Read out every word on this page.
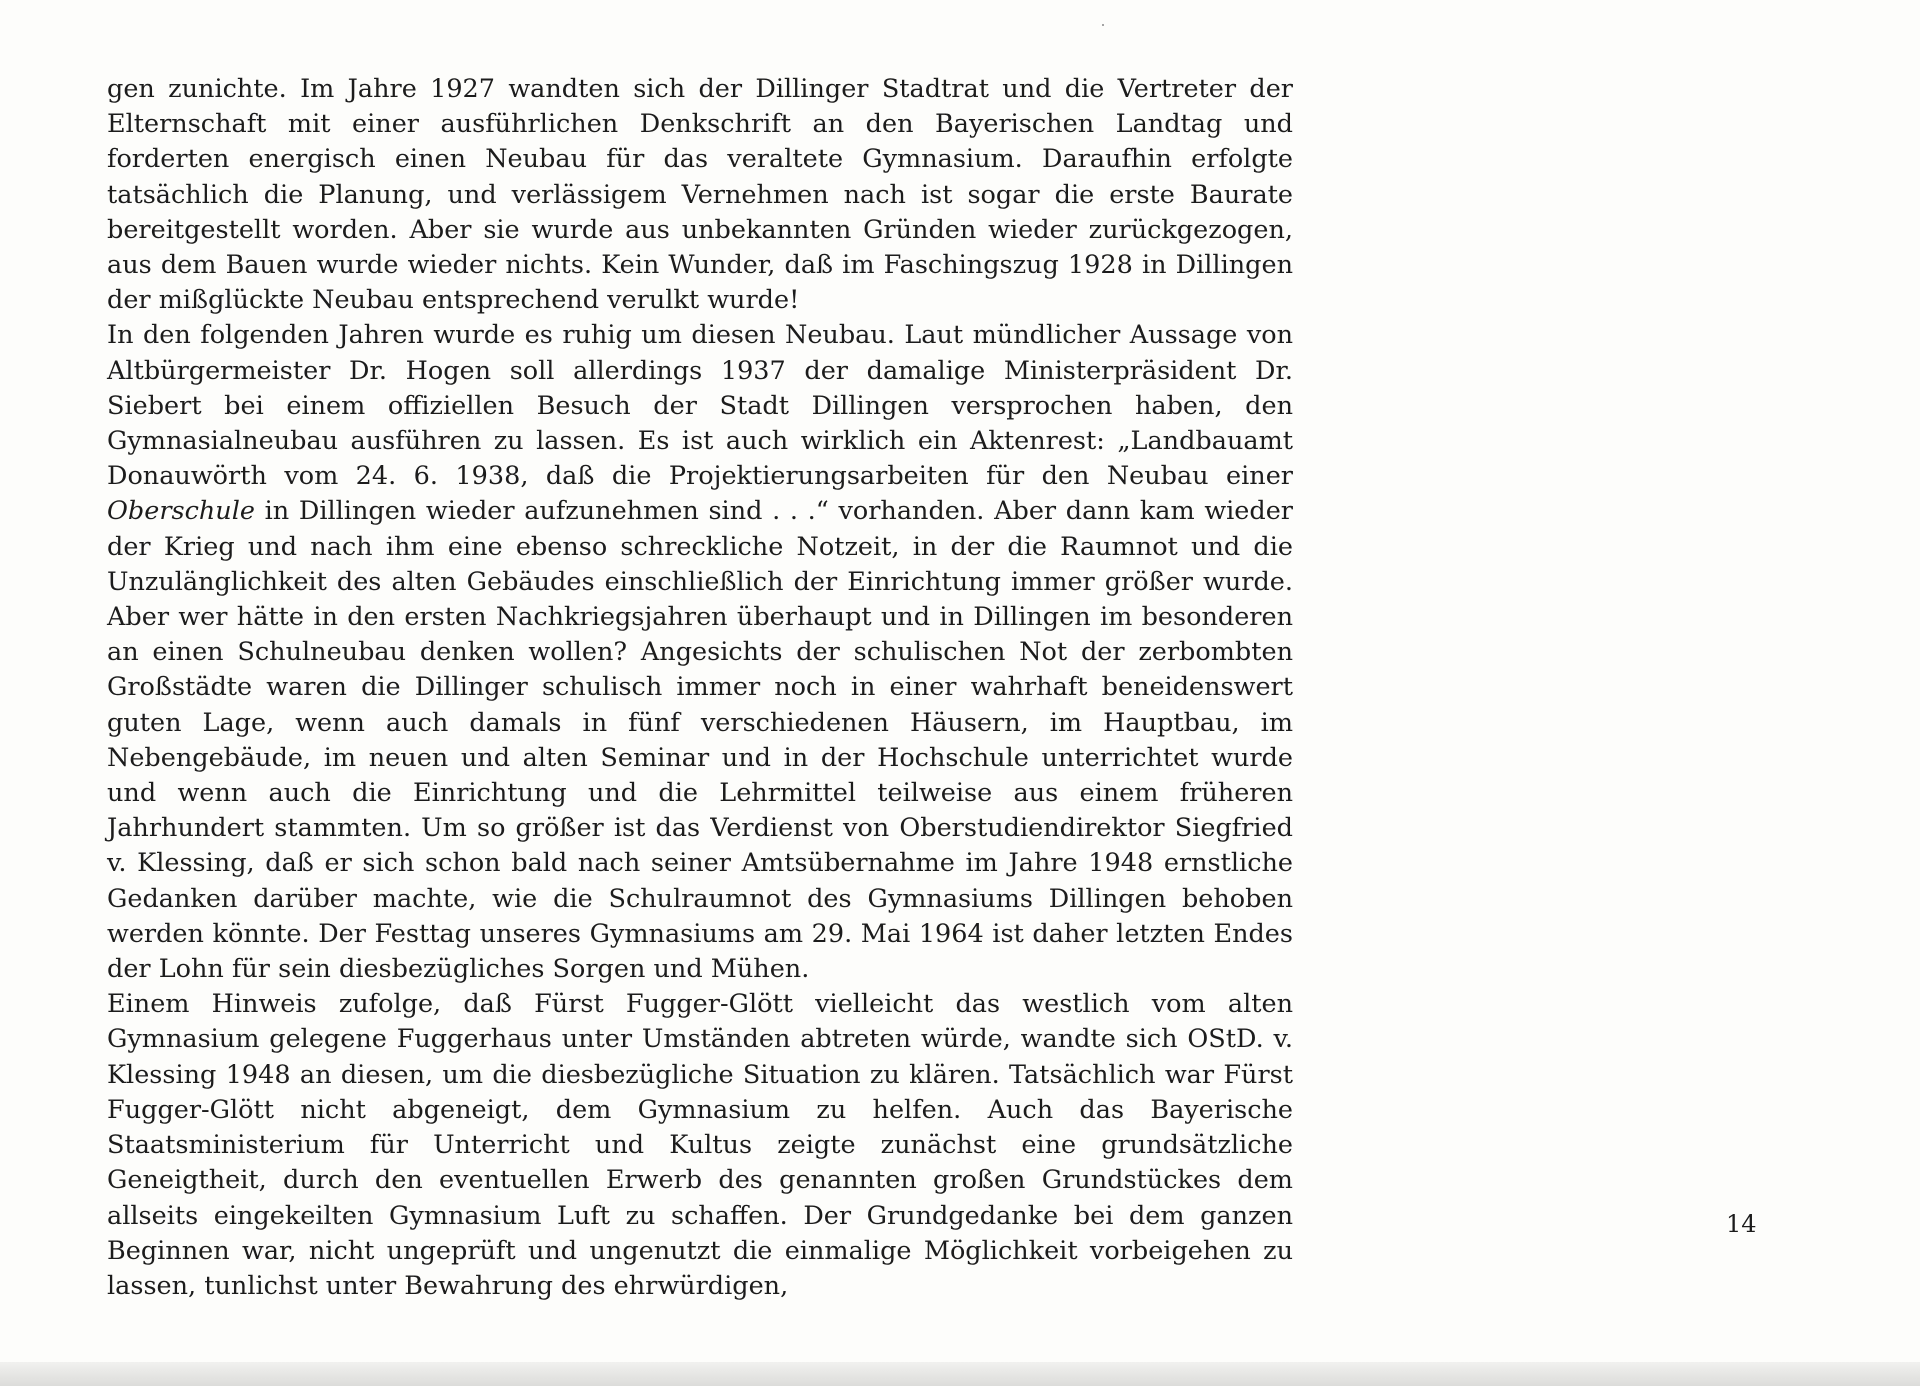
gen zunichte. Im Jahre 1927 wandten sich der Dillinger Stadtrat und die Vertreter der Elternschaft mit einer ausführlichen Denkschrift an den Bayerischen Landtag und forderten energisch einen Neubau für das veraltete Gymnasium. Daraufhin erfolgte tatsächlich die Planung, und verlässigem Vernehmen nach ist sogar die erste Baurate bereitgestellt worden. Aber sie wurde aus unbekannten Gründen wieder zurückgezogen, aus dem Bauen wurde wieder nichts. Kein Wunder, daß im Faschingszug 1928 in Dillingen der mißglückte Neubau entsprechend verulkt wurde!

In den folgenden Jahren wurde es ruhig um diesen Neubau. Laut mündlicher Aussage von Altbürgermeister Dr. Hogen soll allerdings 1937 der damalige Ministerpräsident Dr. Siebert bei einem offiziellen Besuch der Stadt Dillingen versprochen haben, den Gymnasialneubau ausführen zu lassen. Es ist auch wirklich ein Aktenrest: „Landbauamt Donauwörth vom 24. 6. 1938, daß die Projektierungsarbeiten für den Neubau einer Oberschule in Dillingen wieder aufzunehmen sind . . .“ vorhanden. Aber dann kam wieder der Krieg und nach ihm eine ebenso schreckliche Notzeit, in der die Raumnot und die Unzulänglichkeit des alten Gebäudes einschließlich der Einrichtung immer größer wurde. Aber wer hätte in den ersten Nachkriegsjahren überhaupt und in Dillingen im besonderen an einen Schulneubau denken wollen? Angesichts der schulischen Not der zerbombten Großstädte waren die Dillinger schulisch immer noch in einer wahrhaft beneidenswert guten Lage, wenn auch damals in fünf verschiedenen Häusern, im Hauptbau, im Nebengebäude, im neuen und alten Seminar und in der Hochschule unterrichtet wurde und wenn auch die Einrichtung und die Lehrmittel teilweise aus einem früheren Jahrhundert stammten. Um so größer ist das Verdienst von Oberstudiendirektor Siegfried v. Klessing, daß er sich schon bald nach seiner Amtsübernahme im Jahre 1948 ernstliche Gedanken darüber machte, wie die Schulraumnot des Gymnasiums Dillingen behoben werden könnte. Der Festtag unseres Gymnasiums am 29. Mai 1964 ist daher letzten Endes der Lohn für sein diesbezügliches Sorgen und Mühen.

Einem Hinweis zufolge, daß Fürst Fugger-Glött vielleicht das westlich vom alten Gymnasium gelegene Fuggerhaus unter Umständen abtreten würde, wandte sich OStD. v. Klessing 1948 an diesen, um die diesbezügliche Situation zu klären. Tatsächlich war Fürst Fugger-Glött nicht abgeneigt, dem Gymnasium zu helfen. Auch das Bayerische Staatsministerium für Unterricht und Kultus zeigte zunächst eine grundsätzliche Geneigtheit, durch den eventuellen Erwerb des genannten großen Grundstückes dem allseits eingekeilten Gymnasium Luft zu schaffen. Der Grundgedanke bei dem ganzen Beginnen war, nicht ungeprüft und ungenutzt die einmalige Möglichkeit vorbeigehen zu lassen, tunlichst unter Bewahrung des ehrwürdigen,

14
